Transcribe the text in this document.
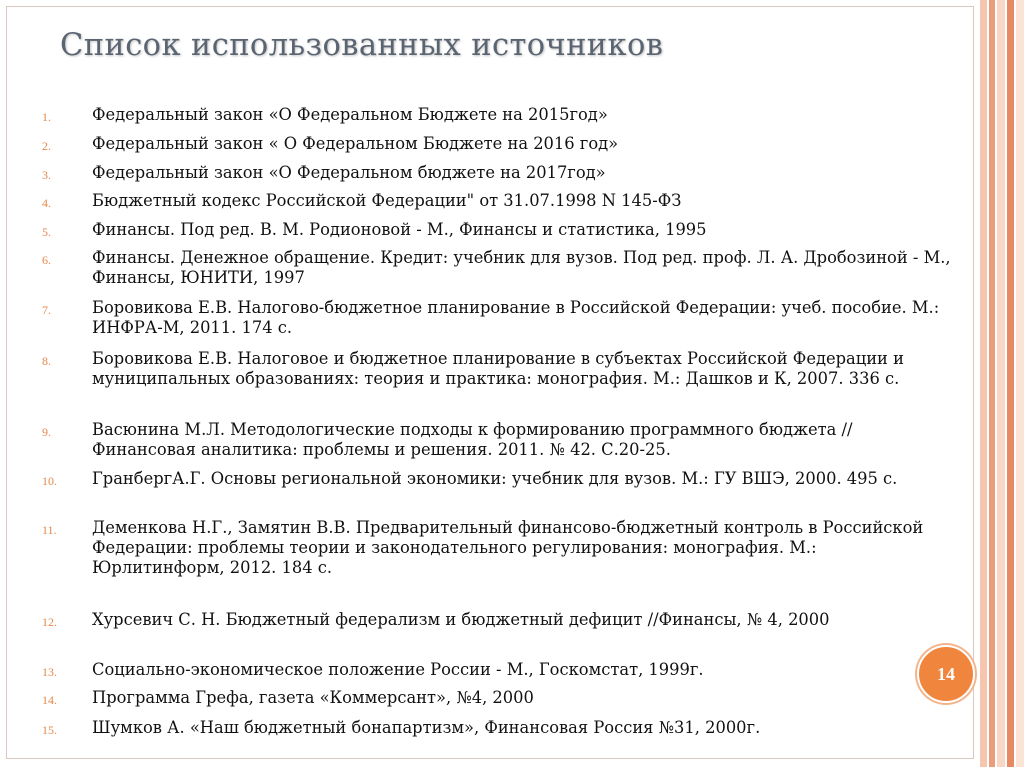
Список использованных источников
1.	Федеральный закон «О Федеральном Бюджете на 2015год»
2.	Федеральный закон « О Федеральном Бюджете на 2016 год»
3.	Федеральный закон «О Федеральном бюджете на 2017год»
4.	Бюджетный кодекс Российской Федерации" от 31.07.1998 N 145-ФЗ
5.	Финансы. Под ред. В. М. Родионовой - М., Финансы и статистика, 1995
6.	Финансы. Денежное обращение. Кредит: учебник для вузов. Под ред. проф. Л. А. Дробозиной - М., Финансы, ЮНИТИ, 1997
7.	Боровикова Е.В. Налогово-бюджетное планирование в Российской Федерации: учеб. пособие. М.: ИНФРА-М, 2011. 174 с.
8.	Боровикова Е.В. Налоговое и бюджетное планирование в субъектах Российской Федерации и муниципальных образованиях: теория и практика: монография. М.: Дашков и К, 2007. 336 с.
9.	Васюнина М.Л. Методологические подходы к формированию программного бюджета // Финансовая аналитика: проблемы и решения. 2011. № 42. С.20-25.
10. ГранбергА.Г. Основы региональной экономики: учебник для вузов. М.: ГУ ВШЭ, 2000. 495 с.
11. Деменкова Н.Г., Замятин В.В. Предварительный финансово-бюджетный контроль в Российской Федерации: проблемы теории и законодательного регулирования: монография. М.: Юрлитинформ, 2012. 184 с.
12. Хурсевич С. Н. Бюджетный федерализм и бюджетный дефицит //Финансы, № 4, 2000
13. Социально-экономическое положение России - М., Госкомстат, 1999г.
14. Программа Грефа, газета «Коммерсант», №4, 2000
15. Шумков А. «Наш бюджетный бонапартизм», Финансовая Россия №31, 2000г.
14
